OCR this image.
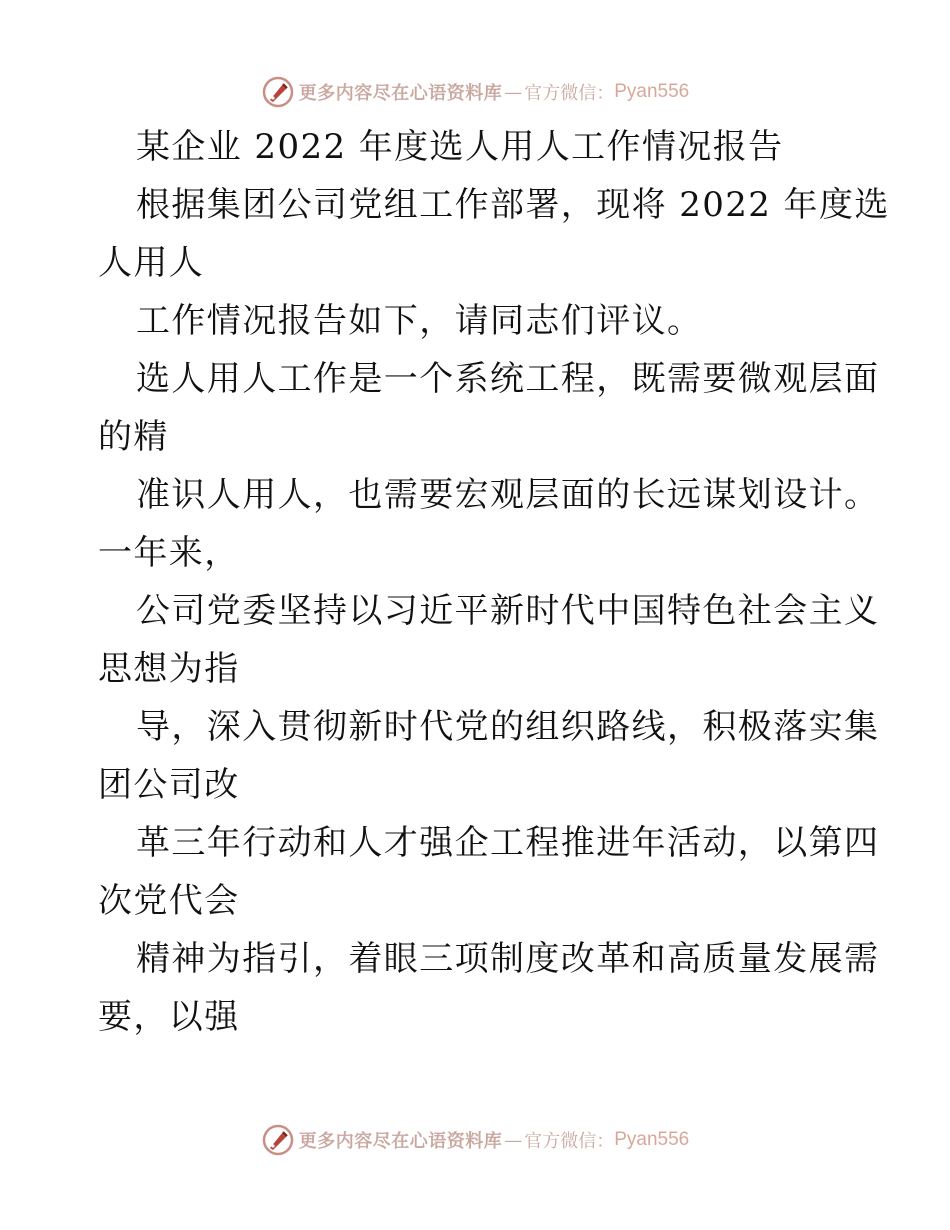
更多内容尽在心语资料库 — 官方微信： Pyan556
某企业 2022 年度选人用人工作情况报告
根据集团公司党组工作部署，现将 2022 年度选
人用人
工作情况报告如下，请同志们评议。
选人用人工作是一个系统工程，既需要微观层面
的精
准识人用人，也需要宏观层面的长远谋划设计。
一年来，
公司党委坚持以习近平新时代中国特色社会主义
思想为指
导，深入贯彻新时代党的组织路线，积极落实集
团公司改
革三年行动和人才强企工程推进年活动，以第四
次党代会
精神为指引，着眼三项制度改革和高质量发展需
要，以强
更多内容尽在心语资料库 — 官方微信： Pyan556
